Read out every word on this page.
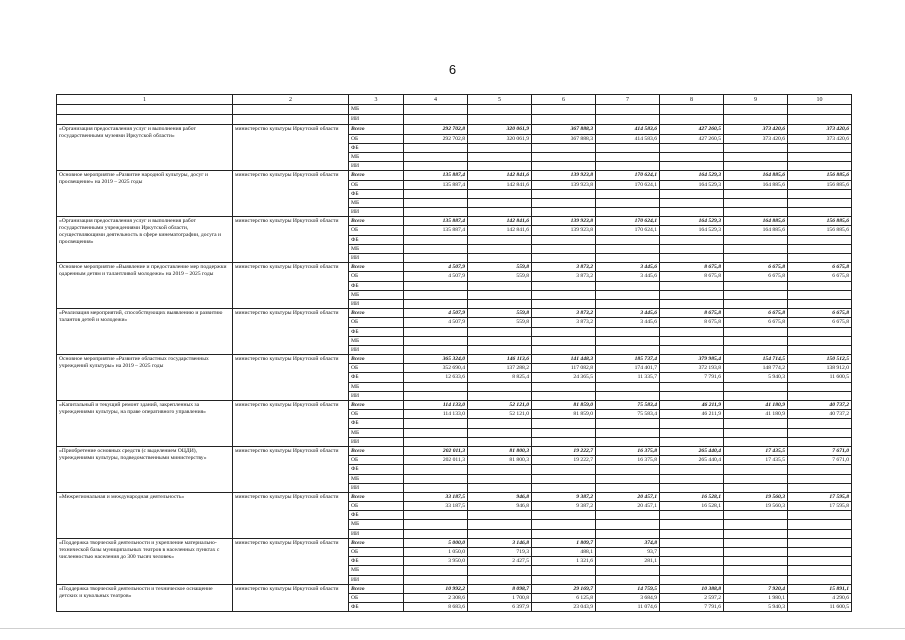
6
1	2	3	4	5	6	7	8	9	10
		МБ							
		ИИ							
«Организация предоставления услуг и выполнения работ государственными музеями Иркутской области»	министерство культуры Иркутской области	Всего	292 702,8	320 061,9	367 888,3	414 583,6	427 260,5	373 420,6	373 420,6
		ОБ	292 702,8	320 061,9	367 888,3	414 583,6	427 260,5	373 420,6	373 420,6
		ФБ							
		МБ							
		ИИ							
Основное мероприятие «Развитие народной культуры, досуг и просвещение» на 2019 – 2025 годы	министерство культуры Иркутской области	Всего	135 887,4	142 841,6	139 923,8	170 624,1	164 529,3	164 885,6	156 885,6
		ОБ	135 887,4	142 841,6	139 923,8	170 624,1	164 529,3	164 885,6	156 885,6
		ФБ							
		МБ							
		ИИ							
«Организация предоставления услуг и выполнения работ государственными учреждениями Иркутской области, осуществляющими деятельность в сфере кинематографии, досуга и просвещения»	министерство культуры Иркутской области	Всего	135 887,4	142 841,6	139 923,8	170 624,1	164 529,3	164 885,6	156 885,6
		ОБ	135 887,4	142 841,6	139 923,8	170 624,1	164 529,3	164 885,6	156 885,6
		ФБ							
		МБ							
		ИИ							
Основное мероприятие «Выявление и предоставление мер поддержки одаренным детям и талантливой молодежи» на 2019 – 2025 годы	министерство культуры Иркутской области	Всего	4 507,9	559,8	3 873,2	3 445,6	8 675,8	6 675,8	6 675,8
		ОБ	4 507,9	559,8	3 873,2	3 445,6	8 675,8	6 675,8	6 675,8
		ФБ							
		МБ							
		ИИ							
«Реализация мероприятий, способствующих выявлению и развитию талантов детей и молодежи»	министерство культуры Иркутской области	Всего	4 507,9	559,8	3 873,2	3 445,6	8 675,8	6 675,8	6 675,8
		ОБ	4 507,9	559,8	3 873,2	3 445,6	8 675,8	6 675,8	6 675,8
		ФБ							
		МБ							
		ИИ							
Основное мероприятие «Развитие областных государственных учреждений культуры» на 2019 – 2025 годы	министерство культуры Иркутской области	Всего	365 324,0	146 113,6	141 448,3	185 737,4	379 985,4	154 714,5	150 512,5
		ОБ	352 690,4	137 288,2	117 082,8	174 401,7	372 193,8	148 774,2	138 912,0
		ФБ	12 633,6	8 825,4	24 365,5	11 335,7	7 791,6	5 940,3	11 600,5
		МБ							
		ИИ							
«Капитальный и текущий ремонт зданий, закрепленных за учреждениями культуры, на праве оперативного управления»	министерство культуры Иркутской области	Всего	114 133,0	52 121,0	81 859,0	75 583,4	46 211,9	41 180,9	40 737,2
		ОБ	114 133,0	52 121,0	81 859,0	75 583,4	46 211,9	41 180,9	40 737,2
		ФБ							
		МБ							
		ИИ							
«Приобретение основных средств (с выделением ОЦДИ), учреждениями культуры, подведомственными министерству»	министерство культуры Иркутской области	Всего	202 011,3	81 800,3	19 222,7	16 375,8	265 440,4	17 435,5	7 671,0
		ОБ	202 011,3	81 800,3	19 222,7	16 375,8	265 440,4	17 435,5	7 671,0
		ФБ							
		МБ							
		ИИ							
«Межрегиональная и международная деятельность»	министерство культуры Иркутской области	Всего	33 187,5	946,8	9 387,2	20 457,1	16 528,1	19 560,3	17 595,8
		ОБ	33 187,5	946,8	9 387,2	20 457,1	16 528,1	19 560,3	17 595,8
		ФБ							
		МБ							
		ИИ							
«Поддержка творческой деятельности и укрепление материально-технической базы муниципальных театров в населенных пунктах с численностью населения до 300 тысяч человек»	министерство культуры Иркутской области	Всего	5 000,0	3 146,8	1 809,7	374,8			
		ОБ	1 050,0	719,3	488,1	93,7			
		ФБ	3 950,0	2 427,5	1 321,6	281,1			
		МБ							
		ИИ							
«Поддержка творческой деятельности и техническое оснащение детских и кукольных театров»	министерство культуры Иркутской области	Всего	10 992,2	8 098,7	29 169,7	14 759,5	10 388,8	7 920,4	15 891,1
		ОБ	2 308,6	1 700,8	6 125,8	3 684,9	2 597,2	1 980,1	4 290,6
		ФБ	8 683,6	6 397,9	23 043,9	11 074,6	7 791,6	5 940,3	11 600,5
